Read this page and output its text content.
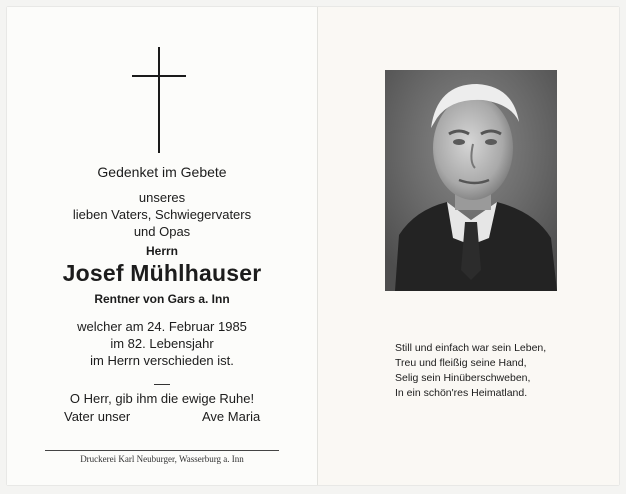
Gedenket im Gebete
unseres
lieben Vaters, Schwiegervaters
und Opas
Herrn
Josef Mühlhauser
Rentner von Gars a. Inn
welcher am 24. Februar 1985
im 82. Lebensjahr
im Herrn verschieden ist.
O Herr, gib ihm die ewige Ruhe!
Vater unser	Ave Maria
Druckerei Karl Neuburger, Wasserburg a. Inn
Still und einfach war sein Leben,
Treu und fleißig seine Hand,
Selig sein Hinüberschweben,
In ein schön'res Heimatland.
